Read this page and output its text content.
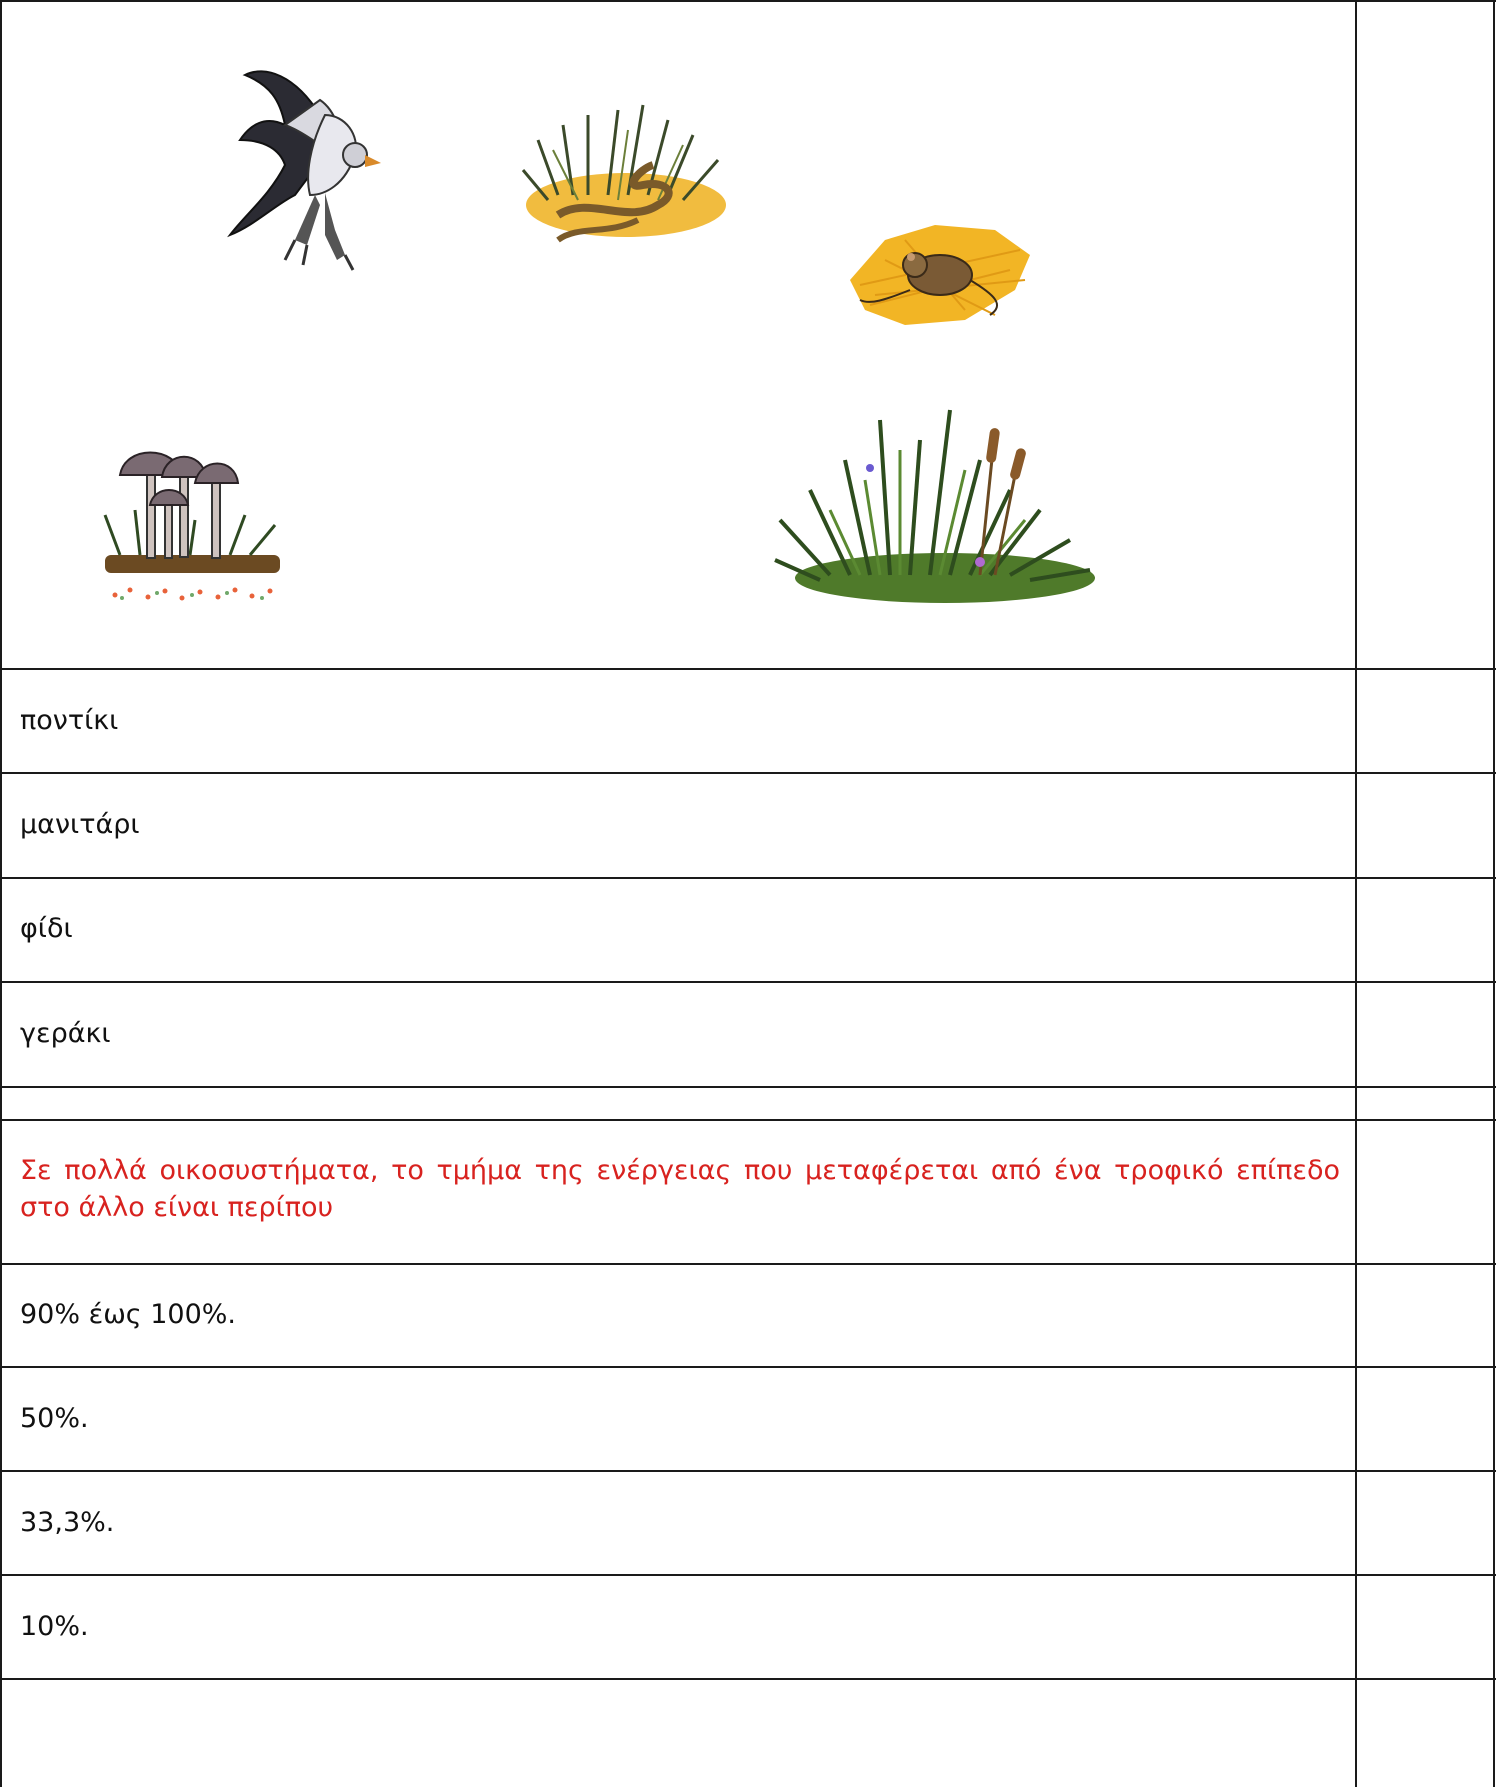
ποντίκι
μανιτάρι
φίδι
γεράκι
Σε πολλά οικοσυστήματα, το τμήμα της ενέργειας που μεταφέρεται από ένα τροφικό επίπεδο στο άλλο είναι περίπου
90% έως 100%.
50%.
33,3%.
10%.
